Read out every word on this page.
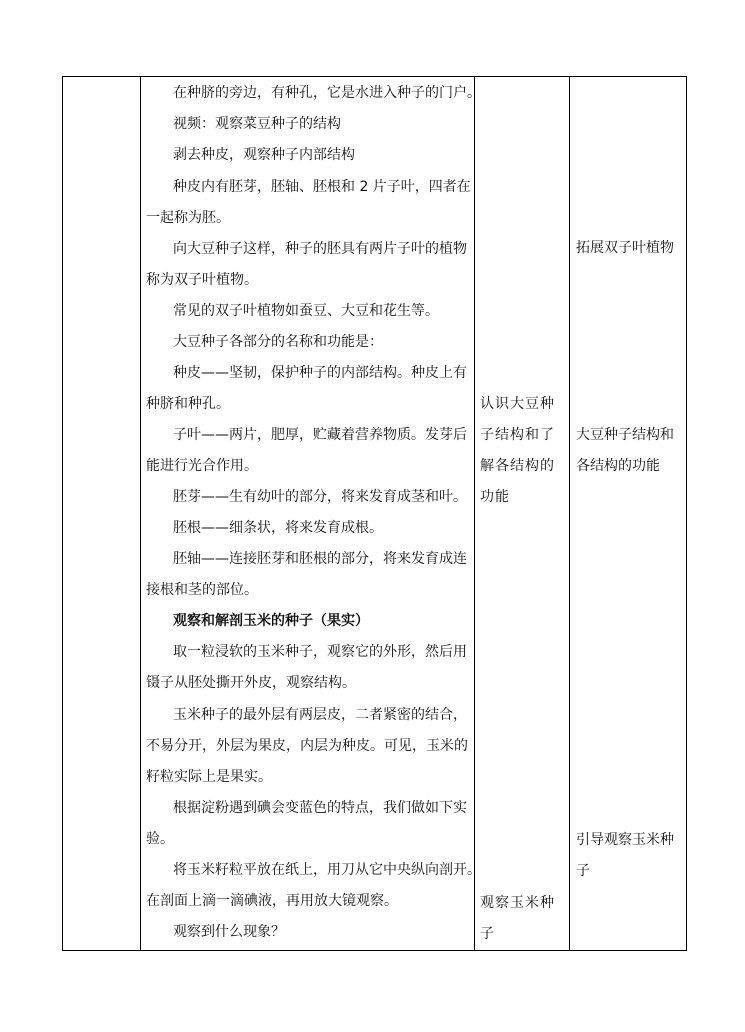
在种脐的旁边，有种孔，它是水进入种子的门户。
视频：观察菜豆种子的结构
剥去种皮，观察种子内部结构
种皮内有胚芽，胚轴、胚根和 2 片子叶，四者在
一起称为胚。
向大豆种子这样，种子的胚具有两片子叶的植物
称为双子叶植物。
常见的双子叶植物如蚕豆、大豆和花生等。
大豆种子各部分的名称和功能是：
种皮——坚韧，保护种子的内部结构。种皮上有
种脐和种孔。
子叶——两片，肥厚，贮藏着营养物质。发芽后
能进行光合作用。
胚芽——生有幼叶的部分，将来发育成茎和叶。
胚根——细条状，将来发育成根。
胚轴——连接胚芽和胚根的部分，将来发育成连
接根和茎的部位。
观察和解剖玉米的种子（果实）
取一粒浸软的玉米种子，观察它的外形，然后用
镊子从胚处撕开外皮，观察结构。
玉米种子的最外层有两层皮，二者紧密的结合，
不易分开，外层为果皮，内层为种皮。可见，玉米的
籽粒实际上是果实。
根据淀粉遇到碘会变蓝色的特点，我们做如下实
验。
将玉米籽粒平放在纸上，用刀从它中央纵向剖开。
在剖面上滴一滴碘液，再用放大镜观察。
观察到什么现象？

认识大豆种
子结构和了
解各结构的
功能
观察玉米种
子

拓展双子叶植物
大豆种子结构和
各结构的功能
引导观察玉米种
子
